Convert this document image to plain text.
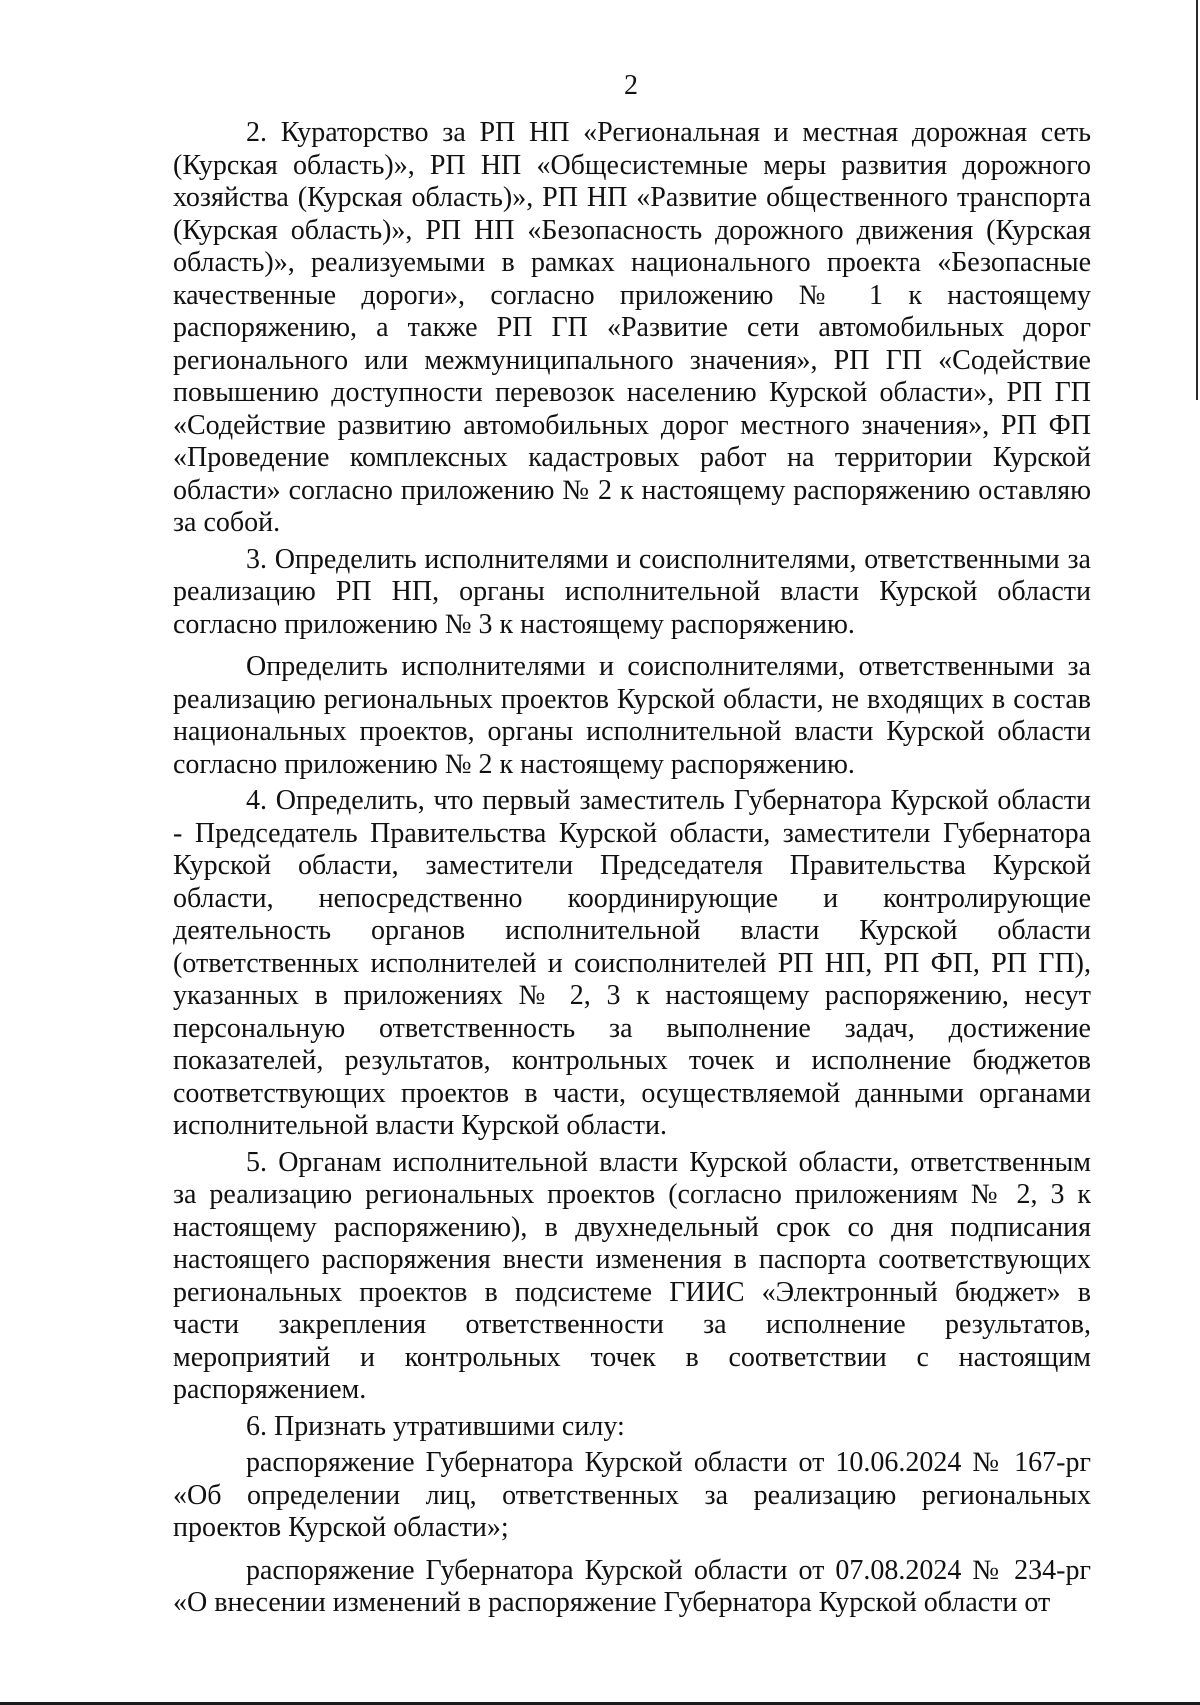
2

2. Кураторство за РП НП «Региональная и местная дорожная сеть (Курская область)», РП НП «Общесистемные меры развития дорожного хозяйства (Курская область)», РП НП «Развитие общественного транспорта (Курская область)», РП НП «Безопасность дорожного движения (Курская область)», реализуемыми в рамках национального проекта «Безопасные качественные дороги», согласно приложению № 1 к настоящему распоряжению, а также РП ГП «Развитие сети автомобильных дорог регионального или межмуниципального значения», РП ГП «Содействие повышению доступности перевозок населению Курской области», РП ГП «Содействие развитию автомобильных дорог местного значения», РП ФП «Проведение комплексных кадастровых работ на территории Курской области» согласно приложению № 2 к настоящему распоряжению оставляю за собой.

3. Определить исполнителями и соисполнителями, ответственными за реализацию РП НП, органы исполнительной власти Курской области согласно приложению № 3 к настоящему распоряжению.

Определить исполнителями и соисполнителями, ответственными за реализацию региональных проектов Курской области, не входящих в состав национальных проектов, органы исполнительной власти Курской области согласно приложению № 2 к настоящему распоряжению.

4. Определить, что первый заместитель Губернатора Курской области - Председатель Правительства Курской области, заместители Губернатора Курской области, заместители Председателя Правительства Курской области, непосредственно координирующие и контролирующие деятельность органов исполнительной власти Курской области (ответственных исполнителей и соисполнителей РП НП, РП ФП, РП ГП), указанных в приложениях № 2, 3 к настоящему распоряжению, несут персональную ответственность за выполнение задач, достижение показателей, результатов, контрольных точек и исполнение бюджетов соответствующих проектов в части, осуществляемой данными органами исполнительной власти Курской области.

5. Органам исполнительной власти Курской области, ответственным за реализацию региональных проектов (согласно приложениям № 2, 3 к настоящему распоряжению), в двухнедельный срок со дня подписания настоящего распоряжения внести изменения в паспорта соответствующих региональных проектов в подсистеме ГИИС «Электронный бюджет» в части закрепления ответственности за исполнение результатов, мероприятий и контрольных точек в соответствии с настоящим распоряжением.

6. Признать утратившими силу:

распоряжение Губернатора Курской области от 10.06.2024 № 167-рг «Об определении лиц, ответственных за реализацию региональных проектов Курской области»;

распоряжение Губернатора Курской области от 07.08.2024 № 234-рг «О внесении изменений в распоряжение Губернатора Курской области от
